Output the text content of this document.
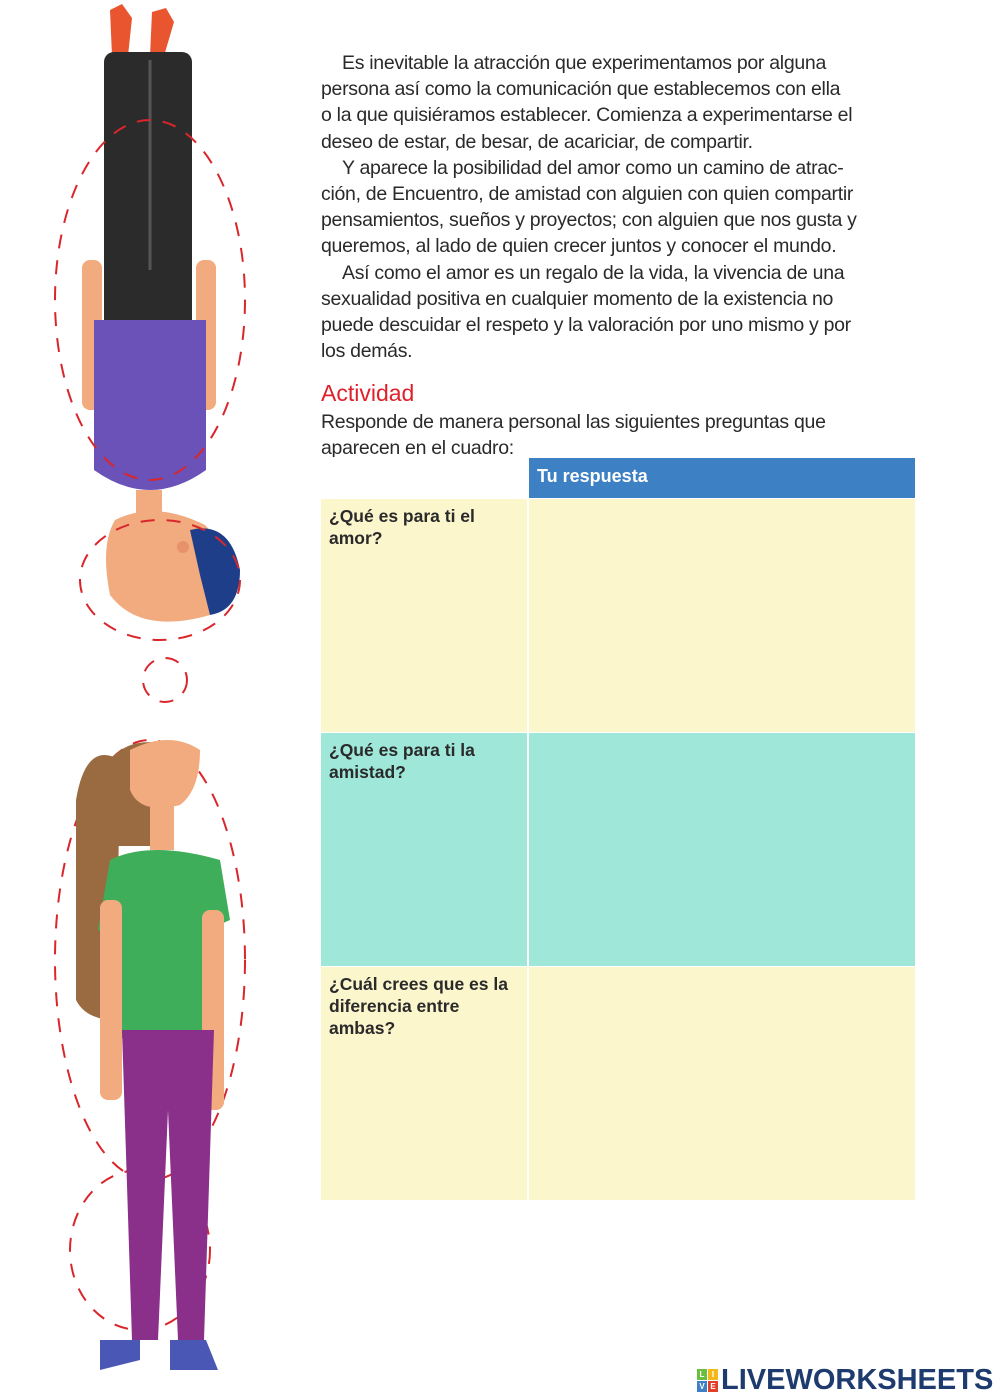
Es inevitable la atracción que experimentamos por alguna
persona así como la comunicación que establecemos con ella
o la que quisiéramos establecer. Comienza a experimentarse el
deseo de estar, de besar, de acariciar, de compartir.

Y aparece la posibilidad del amor como un camino de atrac-
ción, de Encuentro, de amistad con alguien con quien compartir
pensamientos, sueños y proyectos; con alguien que nos gusta y
queremos, al lado de quien crecer juntos y conocer el mundo.

Así como el amor es un regalo de la vida, la vivencia de una
sexualidad positiva en cualquier momento de la existencia no
puede descuidar el respeto y la valoración por uno mismo y por
los demás.

Actividad
Responde de manera personal las siguientes preguntas que
aparecen en el cuadro:
	Tu respuesta
¿Qué es para ti el amor?	
¿Qué es para ti la amistad?	
¿Cuál crees que es la diferencia entre ambas?	
L I
V E LIVEWORKSHEETS
